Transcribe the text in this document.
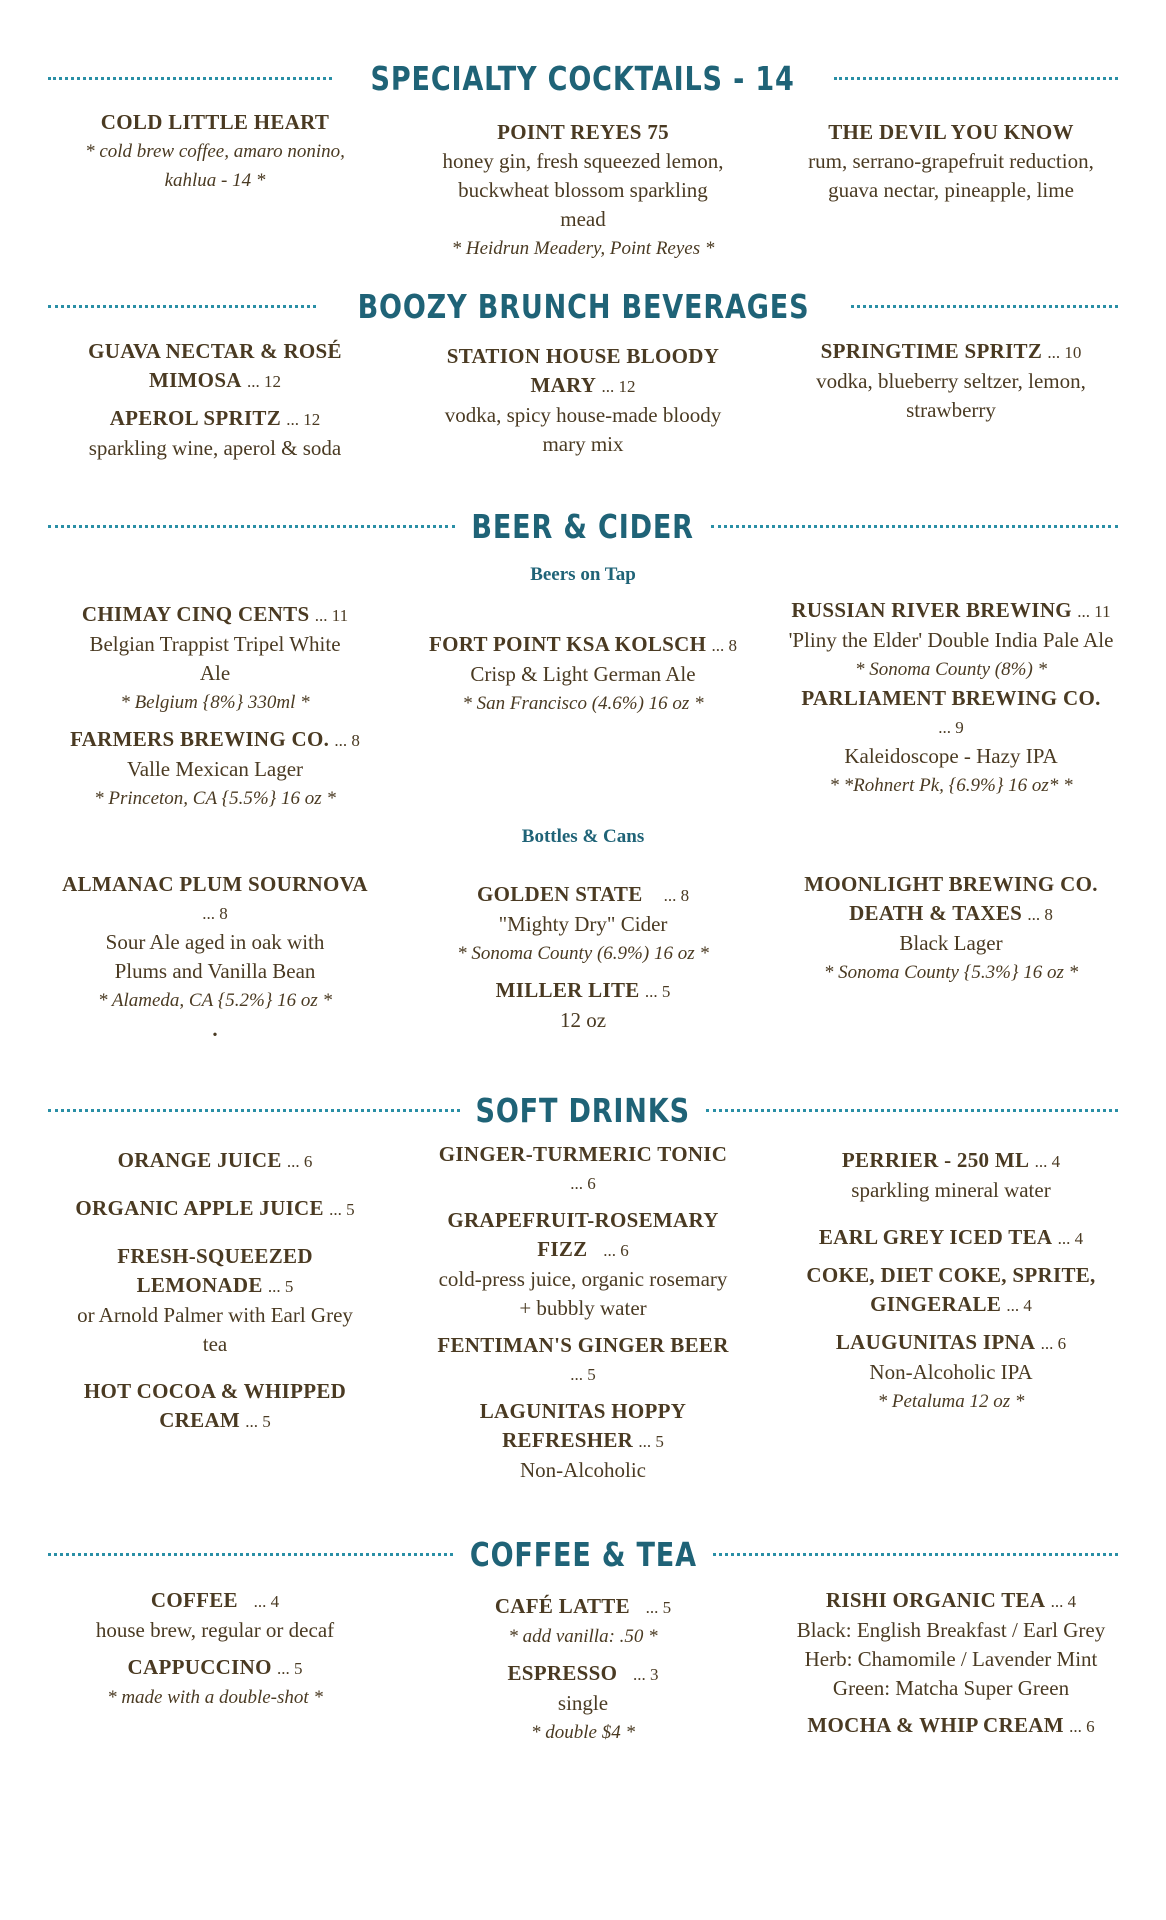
SPECIALTY COCKTAILS - 14
COLD LITTLE HEART
* cold brew coffee, amaro nonino,
kahlua - 14 *
POINT REYES 75
honey gin, fresh squeezed lemon,
buckwheat blossom sparkling
mead
* Heidrun Meadery, Point Reyes *
THE DEVIL YOU KNOW
rum, serrano-grapefruit reduction,
guava nectar, pineapple, lime
BOOZY BRUNCH BEVERAGES
GUAVA NECTAR & ROSÉ
MIMOSA ... 12
APEROL SPRITZ ... 12
sparkling wine, aperol & soda
STATION HOUSE BLOODY
MARY ... 12
vodka, spicy house-made bloody
mary mix
SPRINGTIME SPRITZ ... 10
vodka, blueberry seltzer, lemon,
strawberry
BEER & CIDER
Beers on Tap
CHIMAY CINQ CENTS ... 11
Belgian Trappist Tripel White
Ale
* Belgium {8%} 330ml *
FARMERS BREWING CO. ... 8
Valle Mexican Lager
* Princeton, CA {5.5%} 16 oz *
FORT POINT KSA KOLSCH ... 8
Crisp & Light German Ale
* San Francisco (4.6%) 16 oz *
RUSSIAN RIVER BREWING ... 11
'Pliny the Elder' Double India Pale Ale
* Sonoma County (8%) *
PARLIAMENT BREWING CO.
... 9
Kaleidoscope - Hazy IPA
* *Rohnert Pk, {6.9%} 16 oz* *
Bottles & Cans
ALMANAC PLUM SOURNOVA
... 8
Sour Ale aged in oak with
Plums and Vanilla Bean
* Alameda, CA {5.2%} 16 oz *
.
GOLDEN STATE ... 8
"Mighty Dry" Cider
* Sonoma County (6.9%) 16 oz *
MILLER LITE ... 5
12 oz
MOONLIGHT BREWING CO.
DEATH & TAXES ... 8
Black Lager
* Sonoma County {5.3%} 16 oz *
SOFT DRINKS
ORANGE JUICE ... 6
ORGANIC APPLE JUICE ... 5
FRESH-SQUEEZED
LEMONADE ... 5
or Arnold Palmer with Earl Grey
tea
HOT COCOA & WHIPPED
CREAM ... 5
GINGER-TURMERIC TONIC
... 6
GRAPEFRUIT-ROSEMARY
FIZZ ... 6
cold-press juice, organic rosemary
+ bubbly water
FENTIMAN'S GINGER BEER
... 5
LAGUNITAS HOPPY
REFRESHER ... 5
Non-Alcoholic
PERRIER - 250 ML ... 4
sparkling mineral water
EARL GREY ICED TEA ... 4
COKE, DIET COKE, SPRITE,
GINGERALE ... 4
LAUGUNITAS IPNA ... 6
Non-Alcoholic IPA
* Petaluma 12 oz *
COFFEE & TEA
COFFEE ... 4
house brew, regular or decaf
CAPPUCCINO ... 5
* made with a double-shot *
CAFÉ LATTE ... 5
* add vanilla: .50 *
ESPRESSO ... 3
single
* double $4 *
RISHI ORGANIC TEA ... 4
Black: English Breakfast / Earl Grey
Herb: Chamomile / Lavender Mint
Green: Matcha Super Green
MOCHA & WHIP CREAM ... 6
